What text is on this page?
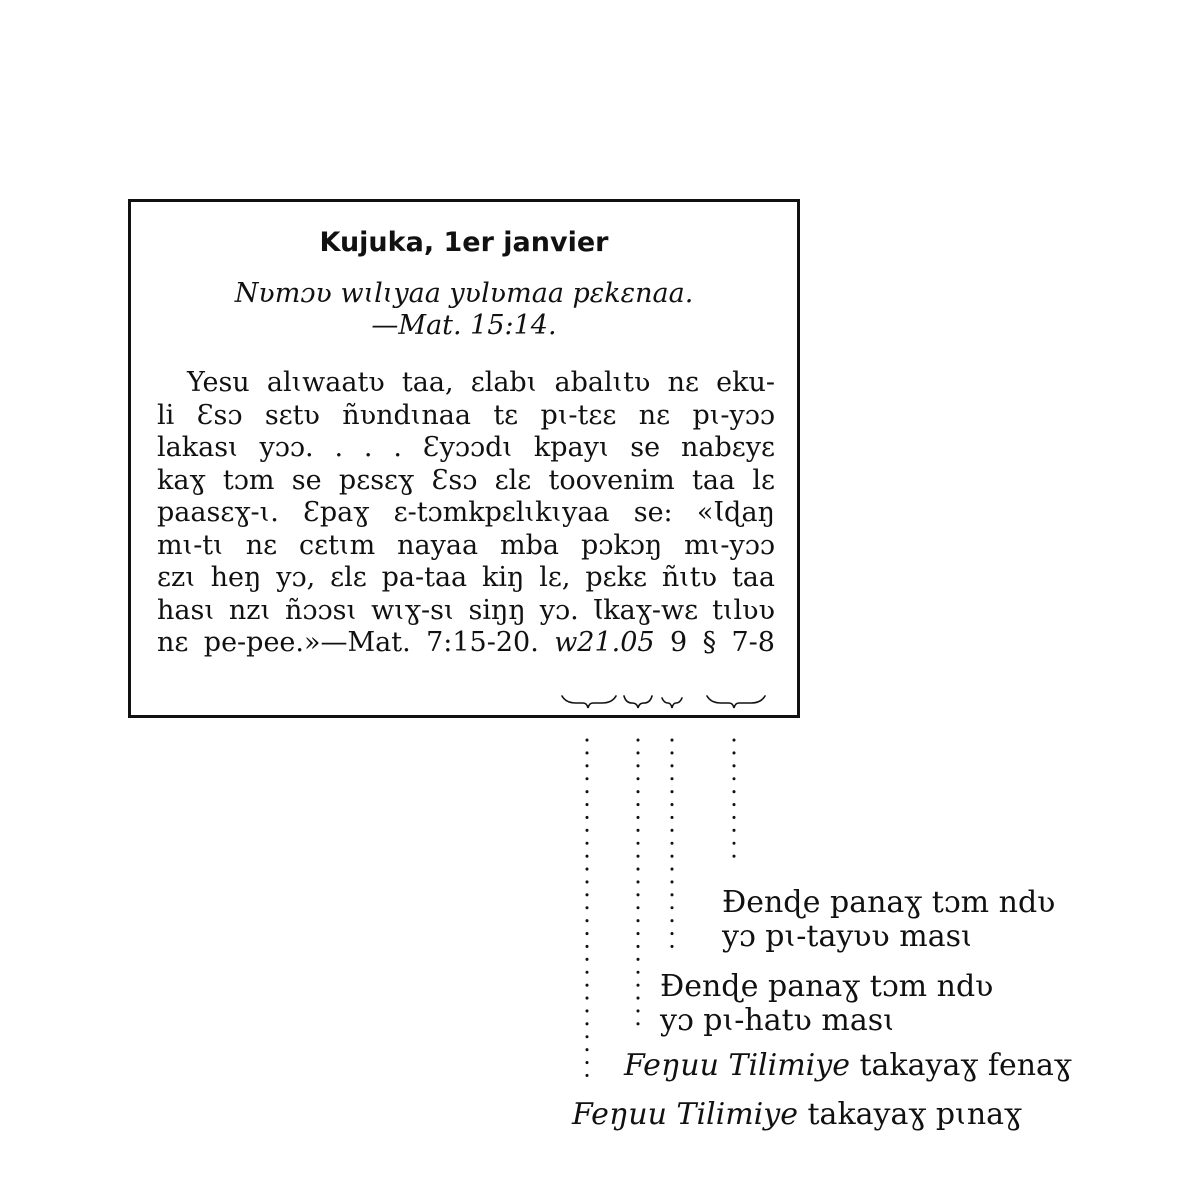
Kujuka, 1er janvier
Nʋmɔʋ wɩlɩyaa yʋlʋmaa pɛkɛnaa.
—Mat. 15:14.
Yesu alɩwaatʋ taa, ɛlabɩ abalɩtʋ nɛ eku-
li Ɛsɔ sɛtʋ ñʋndɩnaa tɛ pɩ-tɛɛ nɛ pɩ-yɔɔ
lakasɩ yɔɔ. . . . Ɛyɔɔdɩ kpayɩ se nabɛyɛ
kaɣ tɔm se pɛsɛɣ Ɛsɔ ɛlɛ toovenim taa lɛ
paasɛɣ-ɩ. Ɛpaɣ ɛ-tɔmkpɛlɩkɩyaa se: «Ɩɖaŋ
mɩ-tɩ nɛ cɛtɩm nayaa mba pɔkɔŋ mɩ-yɔɔ
ɛzɩ heŋ yɔ, ɛlɛ pa-taa kiŋ lɛ, pɛkɛ ñɩtʋ taa
hasɩ nzɩ ñɔɔsɩ wɩɣ-sɩ siŋŋ yɔ. Ɩkaɣ-wɛ tɩlʋʋ
nɛ pe-pee.»—Mat. 7:15-20. w21.05 9 § 7-8
Ɖenɖe panaɣ tɔm ndʋ
yɔ pɩ-tayʋʋ masɩ
Ɖenɖe panaɣ tɔm ndʋ
yɔ pɩ-hatʋ masɩ
Feŋuu Tilimiye takayaɣ fenaɣ
Feŋuu Tilimiye takayaɣ pɩnaɣ
